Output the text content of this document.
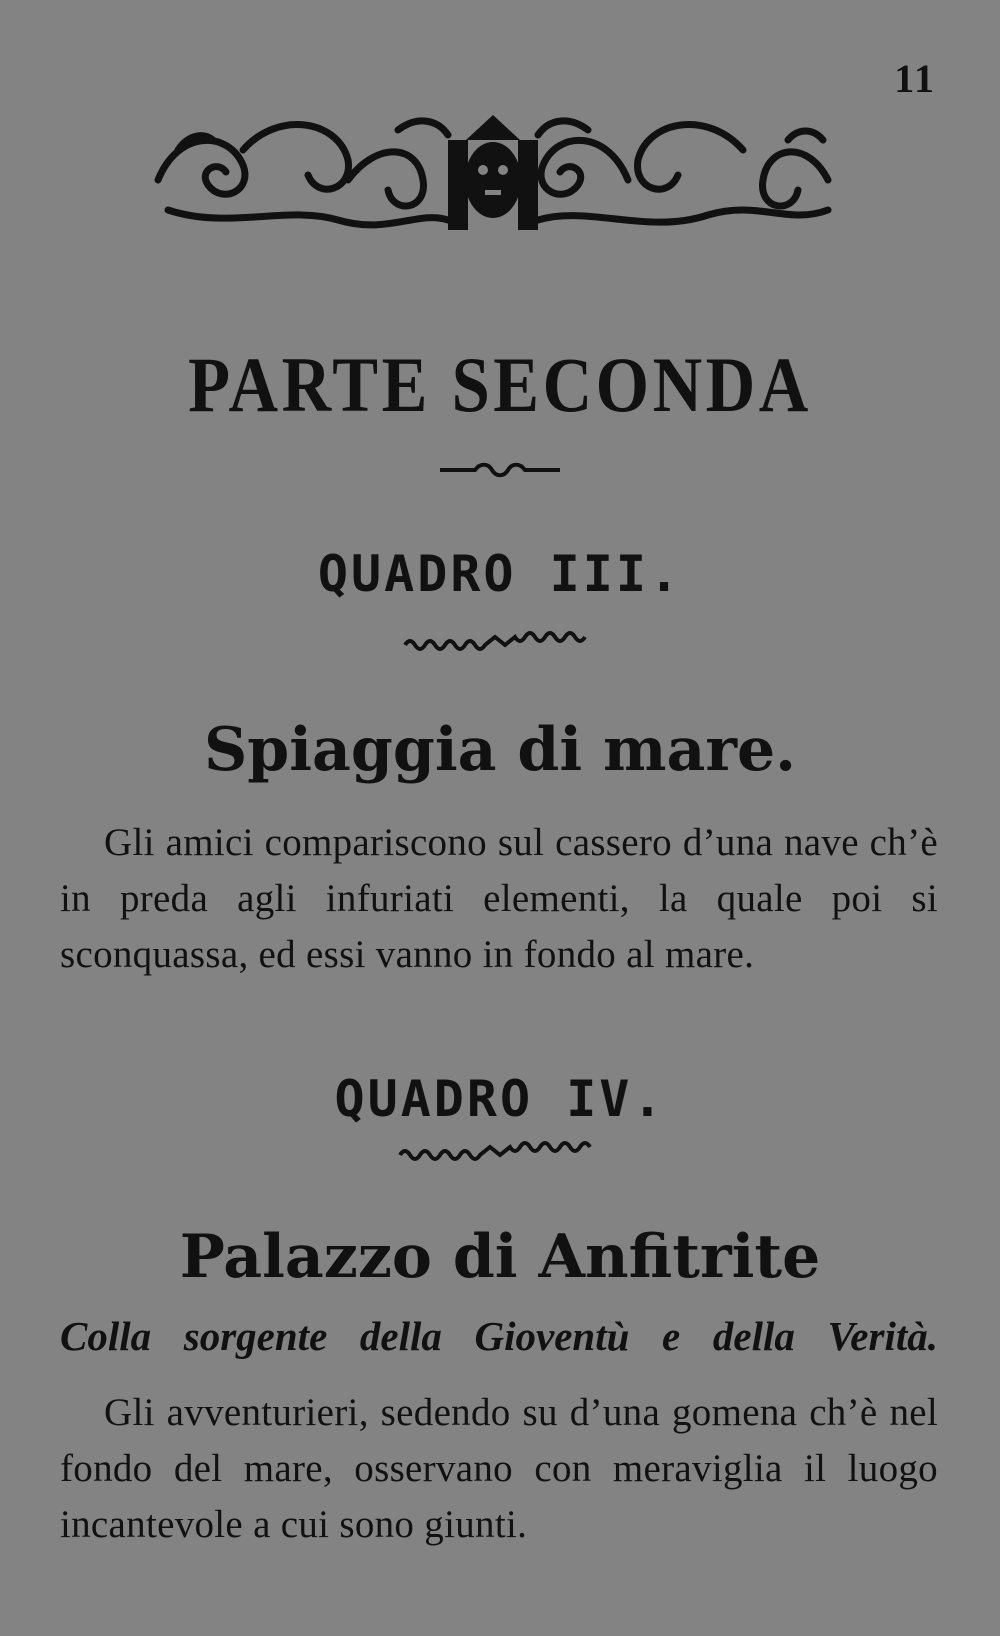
11
PARTE SECONDA
QUADRO III.
Spiaggia di mare.
Gli amici compariscono sul cassero d’una nave ch’è in preda agli infuriati elementi, la quale poi si sconquassa, ed essi vanno in fondo al mare.
QUADRO IV.
Palazzo di Anfitrite
Colla sorgente della Gioventù e della Verità.
Gli avventurieri, sedendo su d’una gomena ch’è nel fondo del mare, osservano con meraviglia il luogo incantevole a cui sono giunti.
